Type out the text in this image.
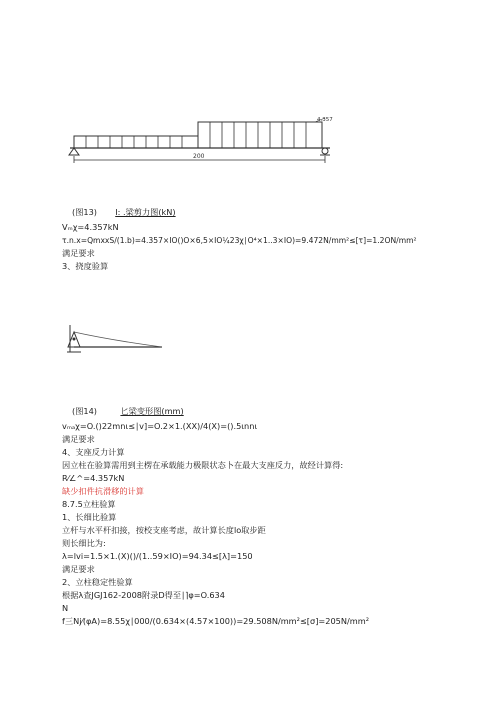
200
4.357
(图13) I: .梁剪力图(kN)
Vₘχ=4.357kN
τ.n.x=QmxxS/(1.b)=4.357×IO()O×6,5×IO¼23χ∣O⁴×1..3×IO)=9.472N/mm²≤[τ]=1.2ON/mm²
满足要求
3、挠度验算
(图14)	匕梁变形图(mm)
vₘₐχ=O.()22mnι≤∣v]=O.2×1.(XX)/4(X)=().5ιnnι
满足要求
4、支座反力计算
因立柱在验算需用到主楞在承载能力极限状态卜在最大支座反力，故经计算得:
R⁄∠^=4.357kN
缺少扣件抗滑移的计算
8.7.5立柱验算
1、长细比验算
立杆与水平杆扣接，按校支座考虑，故计算长度lo取步距
则长细比为:
λ=lvi=1.5×1.(X)()/(1..59×IO)=94.34≤[λ]=150
满足要求
2、立柱稳定性验算
根据λ查JGJ162-2008附录D得至∣⌉φ=O.634
N
f三Nj⁄(φA)=8.55χ∣000/(0.634×(4.57×100))=29.508N/mm²≤[σ]=205N/mm²
